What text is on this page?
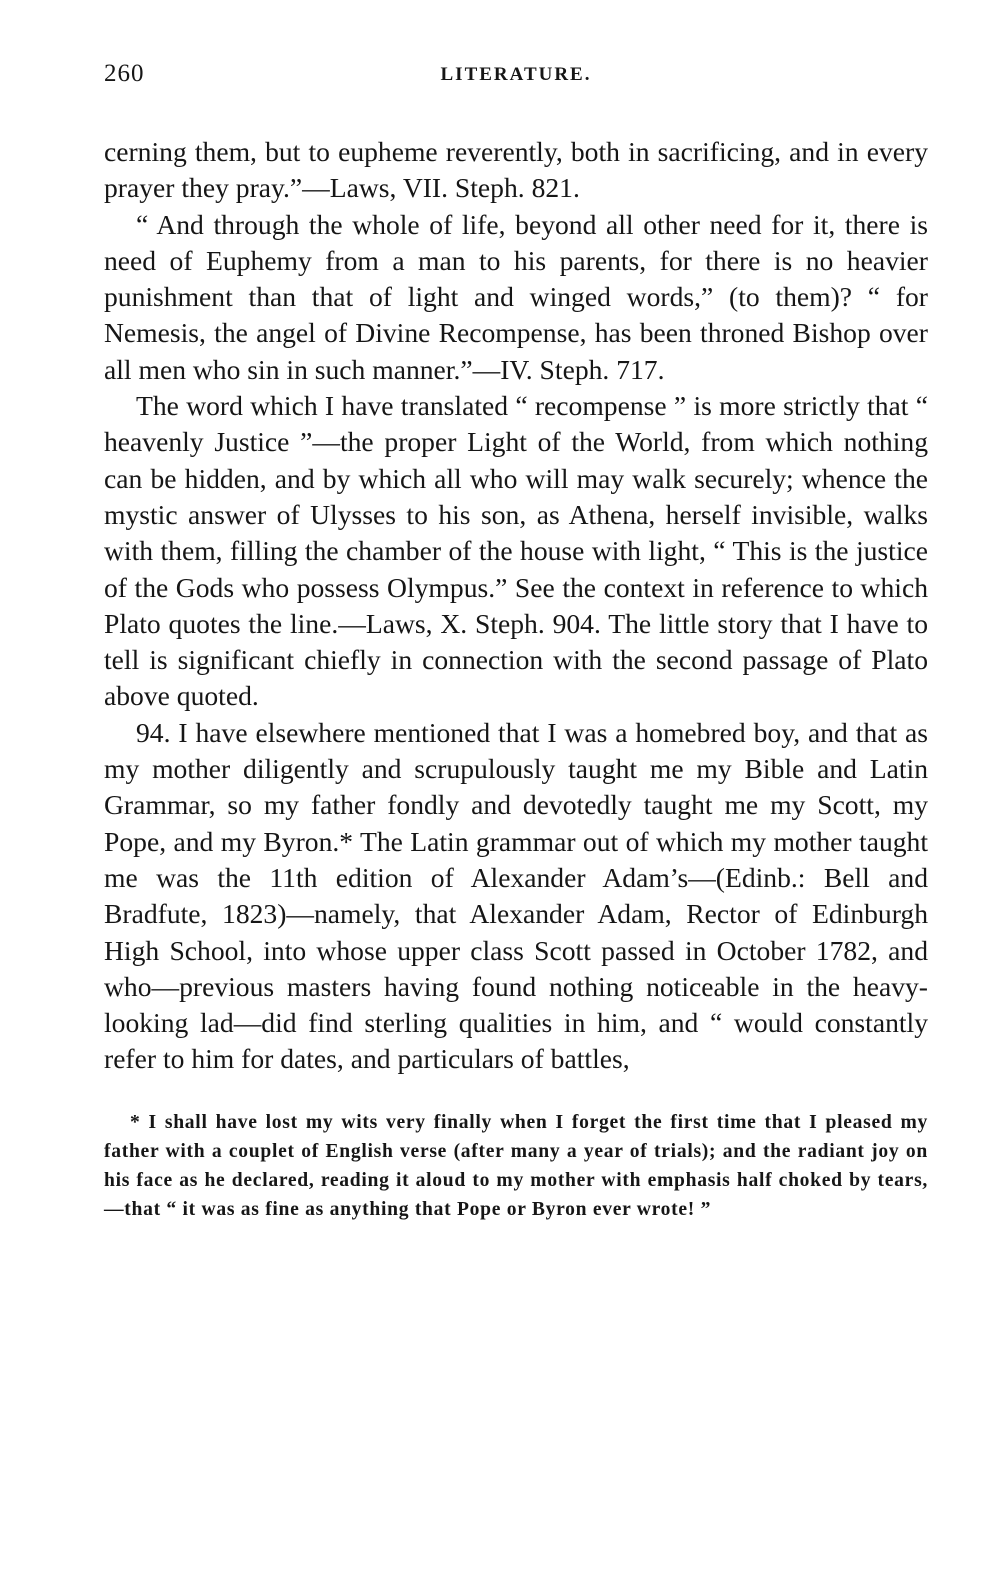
260	LITERATURE.

cerning them, but to eupheme reverently, both in sacrificing, and in every prayer they pray.”—Laws, VII. Steph. 821.

“ And through the whole of life, beyond all other need for it, there is need of Euphemy from a man to his parents, for there is no heavier punishment than that of light and winged words,” (to them)? “ for Nemesis, the angel of Divine Recompense, has been throned Bishop over all men who sin in such manner.”—IV. Steph. 717.

The word which I have translated “ recompense ” is more strictly that “ heavenly Justice ”—the proper Light of the World, from which nothing can be hidden, and by which all who will may walk securely; whence the mystic answer of Ulysses to his son, as Athena, herself invisible, walks with them, filling the chamber of the house with light, “ This is the justice of the Gods who possess Olympus.” See the context in reference to which Plato quotes the line.—Laws, X. Steph. 904. The little story that I have to tell is significant chiefly in connection with the second passage of Plato above quoted.

94. I have elsewhere mentioned that I was a homebred boy, and that as my mother diligently and scrupulously taught me my Bible and Latin Grammar, so my father fondly and devotedly taught me my Scott, my Pope, and my Byron.* The Latin grammar out of which my mother taught me was the 11th edition of Alexander Adam’s—(Edinb.: Bell and Bradfute, 1823)—namely, that Alexander Adam, Rector of Edinburgh High School, into whose upper class Scott passed in October 1782, and who—previous masters having found nothing noticeable in the heavy-looking lad—did find sterling qualities in him, and “ would constantly refer to him for dates, and particulars of battles,

* I shall have lost my wits very finally when I forget the first time that I pleased my father with a couplet of English verse (after many a year of trials); and the radiant joy on his face as he declared, reading it aloud to my mother with emphasis half choked by tears,—that “ it was as fine as anything that Pope or Byron ever wrote! ”
